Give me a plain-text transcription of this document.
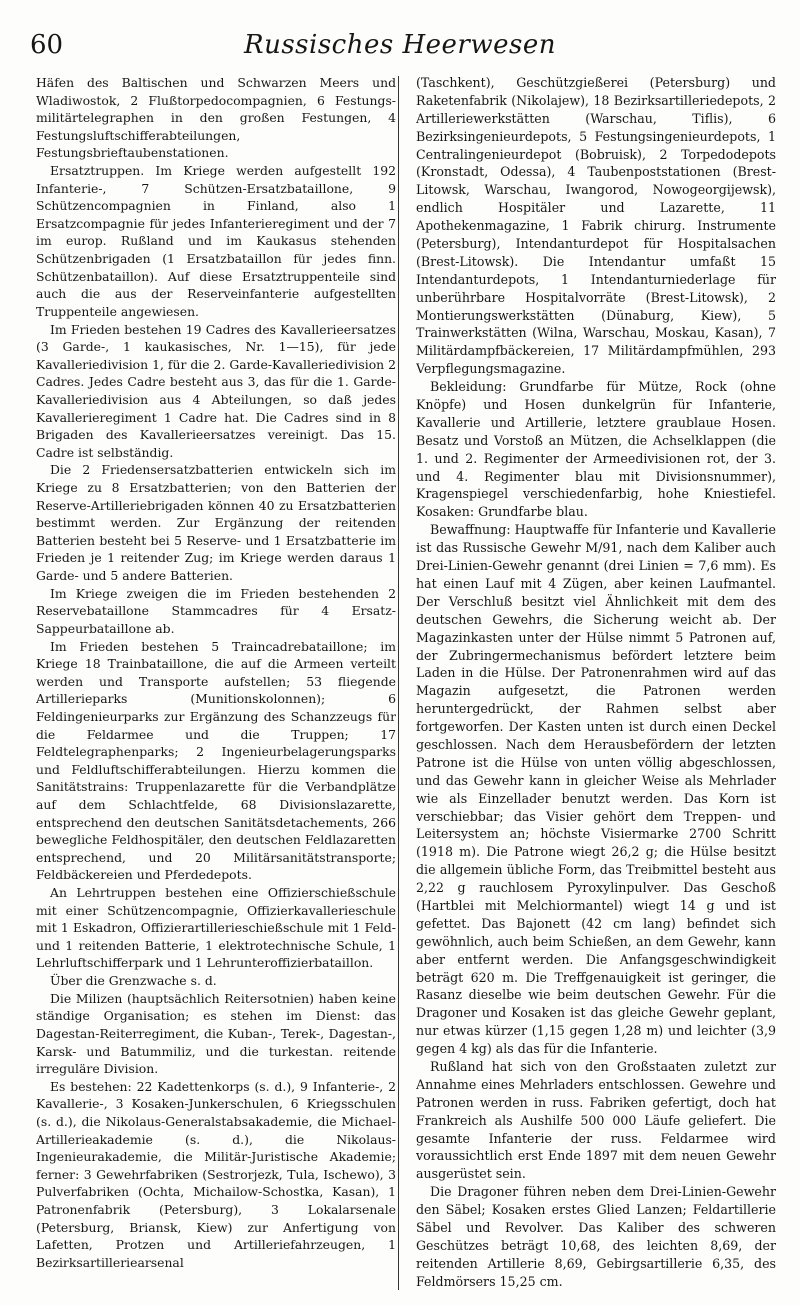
60	Russisches Heerwesen

Häfen des Baltischen und Schwarzen Meers und Wladiwostok, 2 Flußtorpedocompagnien, 6 Festungs-militärtelegraphen in den großen Festungen, 4 Festungsluftschifferabteilungen, Festungsbrieftaubenstationen.

Ersatztruppen. Im Kriege werden aufgestellt 192 Infanterie-, 7 Schützen-Ersatzbataillone, 9 Schützencompagnien in Finland, also 1 Ersatzcompagnie für jedes Infanterieregiment und der 7 im europ. Rußland und im Kaukasus stehenden Schützenbrigaden (1 Ersatzbataillon für jedes finn. Schützenbataillon). Auf diese Ersatztruppenteile sind auch die aus der Reserveinfanterie aufgestellten Truppenteile angewiesen.

Im Frieden bestehen 19 Cadres des Kavallerieersatzes (3 Garde-, 1 kaukasisches, Nr. 1—15), für jede Kavalleriedivision 1, für die 2. Garde-Kavalleriedivision 2 Cadres. Jedes Cadre besteht aus 3, das für die 1. Garde-Kavalleriedivision aus 4 Abteilungen, so daß jedes Kavallerieregiment 1 Cadre hat. Die Cadres sind in 8 Brigaden des Kavallerieersatzes vereinigt. Das 15. Cadre ist selbständig.

Die 2 Friedensersatzbatterien entwickeln sich im Kriege zu 8 Ersatzbatterien; von den Batterien der Reserve-Artilleriebrigaden können 40 zu Ersatzbatterien bestimmt werden. Zur Ergänzung der reitenden Batterien besteht bei 5 Reserve- und 1 Ersatzbatterie im Frieden je 1 reitender Zug; im Kriege werden daraus 1 Garde- und 5 andere Batterien.

Im Kriege zweigen die im Frieden bestehenden 2 Reservebataillone Stammcadres für 4 Ersatz-Sappeurbataillone ab.

Im Frieden bestehen 5 Traincadrebataillone; im Kriege 18 Trainbataillone, die auf die Armeen verteilt werden und Transporte aufstellen; 53 fliegende Artillerieparks (Munitionskolonnen); 6 Feldingenieurparks zur Ergänzung des Schanzzeugs für die Feldarmee und die Truppen; 17 Feldtelegraphenparks; 2 Ingenieurbelagerungsparks und Feldluftschifferabteilungen. Hierzu kommen die Sanitätstrains: Truppenlazarette für die Verbandplätze auf dem Schlachtfelde, 68 Divisionslazarette, entsprechend den deutschen Sanitätsdetachements, 266 bewegliche Feldhospitäler, den deutschen Feldlazaretten entsprechend, und 20 Militärsanitätstransporte; Feldbäckereien und Pferdedepots.

An Lehrtruppen bestehen eine Offizierschießschule mit einer Schützencompagnie, Offizierkavallerieschule mit 1 Eskadron, Offizierartillerieschießschule mit 1 Feld- und 1 reitenden Batterie, 1 elektrotechnische Schule, 1 Lehrluftschifferpark und 1 Lehrunteroffizierbataillon.

Über die Grenzwache s. d.

Die Milizen (hauptsächlich Reitersotnien) haben keine ständige Organisation; es stehen im Dienst: das Dagestan-Reiterregiment, die Kuban-, Terek-, Dagestan-, Karsk- und Batummiliz, und die turkestan. reitende irreguläre Division.

Es bestehen: 22 Kadettenkorps (s. d.), 9 Infanterie-, 2 Kavallerie-, 3 Kosaken-Junkerschulen, 6 Kriegsschulen (s. d.), die Nikolaus-Generalstabsakademie, die Michael-Artillerieakademie (s. d.), die Nikolaus-Ingenieurakademie, die Militär-Juristische Akademie; ferner: 3 Gewehrfabriken (Sestrorjezk, Tula, Ischewo), 3 Pulverfabriken (Ochta, Michailow-Schostka, Kasan), 1 Patronenfabrik (Petersburg), 3 Lokalarsenale (Petersburg, Briansk, Kiew) zur Anfertigung von Lafetten, Protzen und Artilleriefahrzeugen, 1 Bezirksartilleriearsenal

(Taschkent), Geschützgießerei (Petersburg) und Raketenfabrik (Nikolajew), 18 Bezirksartilleriedepots, 2 Artilleriewerkstätten (Warschau, Tiflis), 6 Bezirksingenieurdepots, 5 Festungsingenieurdepots, 1 Centralingenieurdepot (Bobruisk), 2 Torpedodepots (Kronstadt, Odessa), 4 Taubenpoststationen (Brest-Litowsk, Warschau, Iwangorod, Nowogeorgijewsk), endlich Hospitäler und Lazarette, 11 Apothekenmagazine, 1 Fabrik chirurg. Instrumente (Petersburg), Intendanturdepot für Hospitalsachen (Brest-Litowsk). Die Intendantur umfaßt 15 Intendanturdepots, 1 Intendanturniederlage für unberührbare Hospitalvorräte (Brest-Litowsk), 2 Montierungswerkstätten (Dünaburg, Kiew), 5 Trainwerkstätten (Wilna, Warschau, Moskau, Kasan), 7 Militärdampfbäckereien, 17 Militärdampfmühlen, 293 Verpflegungsmagazine.

Bekleidung: Grundfarbe für Mütze, Rock (ohne Knöpfe) und Hosen dunkelgrün für Infanterie, Kavallerie und Artillerie, letztere graublaue Hosen. Besatz und Vorstoß an Mützen, die Achselklappen (die 1. und 2. Regimenter der Armeedivisionen rot, der 3. und 4. Regimenter blau mit Divisionsnummer), Kragenspiegel verschiedenfarbig, hohe Kniestiefel. Kosaken: Grundfarbe blau.

Bewaffnung: Hauptwaffe für Infanterie und Kavallerie ist das Russische Gewehr M/91, nach dem Kaliber auch Drei-Linien-Gewehr genannt (drei Linien = 7,6 mm). Es hat einen Lauf mit 4 Zügen, aber keinen Laufmantel. Der Verschluß besitzt viel Ähnlichkeit mit dem des deutschen Gewehrs, die Sicherung weicht ab. Der Magazinkasten unter der Hülse nimmt 5 Patronen auf, der Zubringermechanismus befördert letztere beim Laden in die Hülse. Der Patronenrahmen wird auf das Magazin aufgesetzt, die Patronen werden heruntergedrückt, der Rahmen selbst aber fortgeworfen. Der Kasten unten ist durch einen Deckel geschlossen. Nach dem Herausbefördern der letzten Patrone ist die Hülse von unten völlig abgeschlossen, und das Gewehr kann in gleicher Weise als Mehrlader wie als Einzellader benutzt werden. Das Korn ist verschiebbar; das Visier gehört dem Treppen- und Leitersystem an; höchste Visiermarke 2700 Schritt (1918 m). Die Patrone wiegt 26,2 g; die Hülse besitzt die allgemein übliche Form, das Treibmittel besteht aus 2,22 g rauchlosem Pyroxylinpulver. Das Geschoß (Hartblei mit Melchiormantel) wiegt 14 g und ist gefettet. Das Bajonett (42 cm lang) befindet sich gewöhnlich, auch beim Schießen, an dem Gewehr, kann aber entfernt werden. Die Anfangsgeschwindigkeit beträgt 620 m. Die Treffgenauigkeit ist geringer, die Rasanz dieselbe wie beim deutschen Gewehr. Für die Dragoner und Kosaken ist das gleiche Gewehr geplant, nur etwas kürzer (1,15 gegen 1,28 m) und leichter (3,9 gegen 4 kg) als das für die Infanterie.

Rußland hat sich von den Großstaaten zuletzt zur Annahme eines Mehrladers entschlossen. Gewehre und Patronen werden in russ. Fabriken gefertigt, doch hat Frankreich als Aushilfe 500 000 Läufe geliefert. Die gesamte Infanterie der russ. Feldarmee wird voraussichtlich erst Ende 1897 mit dem neuen Gewehr ausgerüstet sein.

Die Dragoner führen neben dem Drei-Linien-Gewehr den Säbel; Kosaken erstes Glied Lanzen; Feldartillerie Säbel und Revolver. Das Kaliber des schweren Geschützes beträgt 10,68, des leichten 8,69, der reitenden Artillerie 8,69, Gebirgsartillerie 6,35, des Feldmörsers 15,25 cm.
